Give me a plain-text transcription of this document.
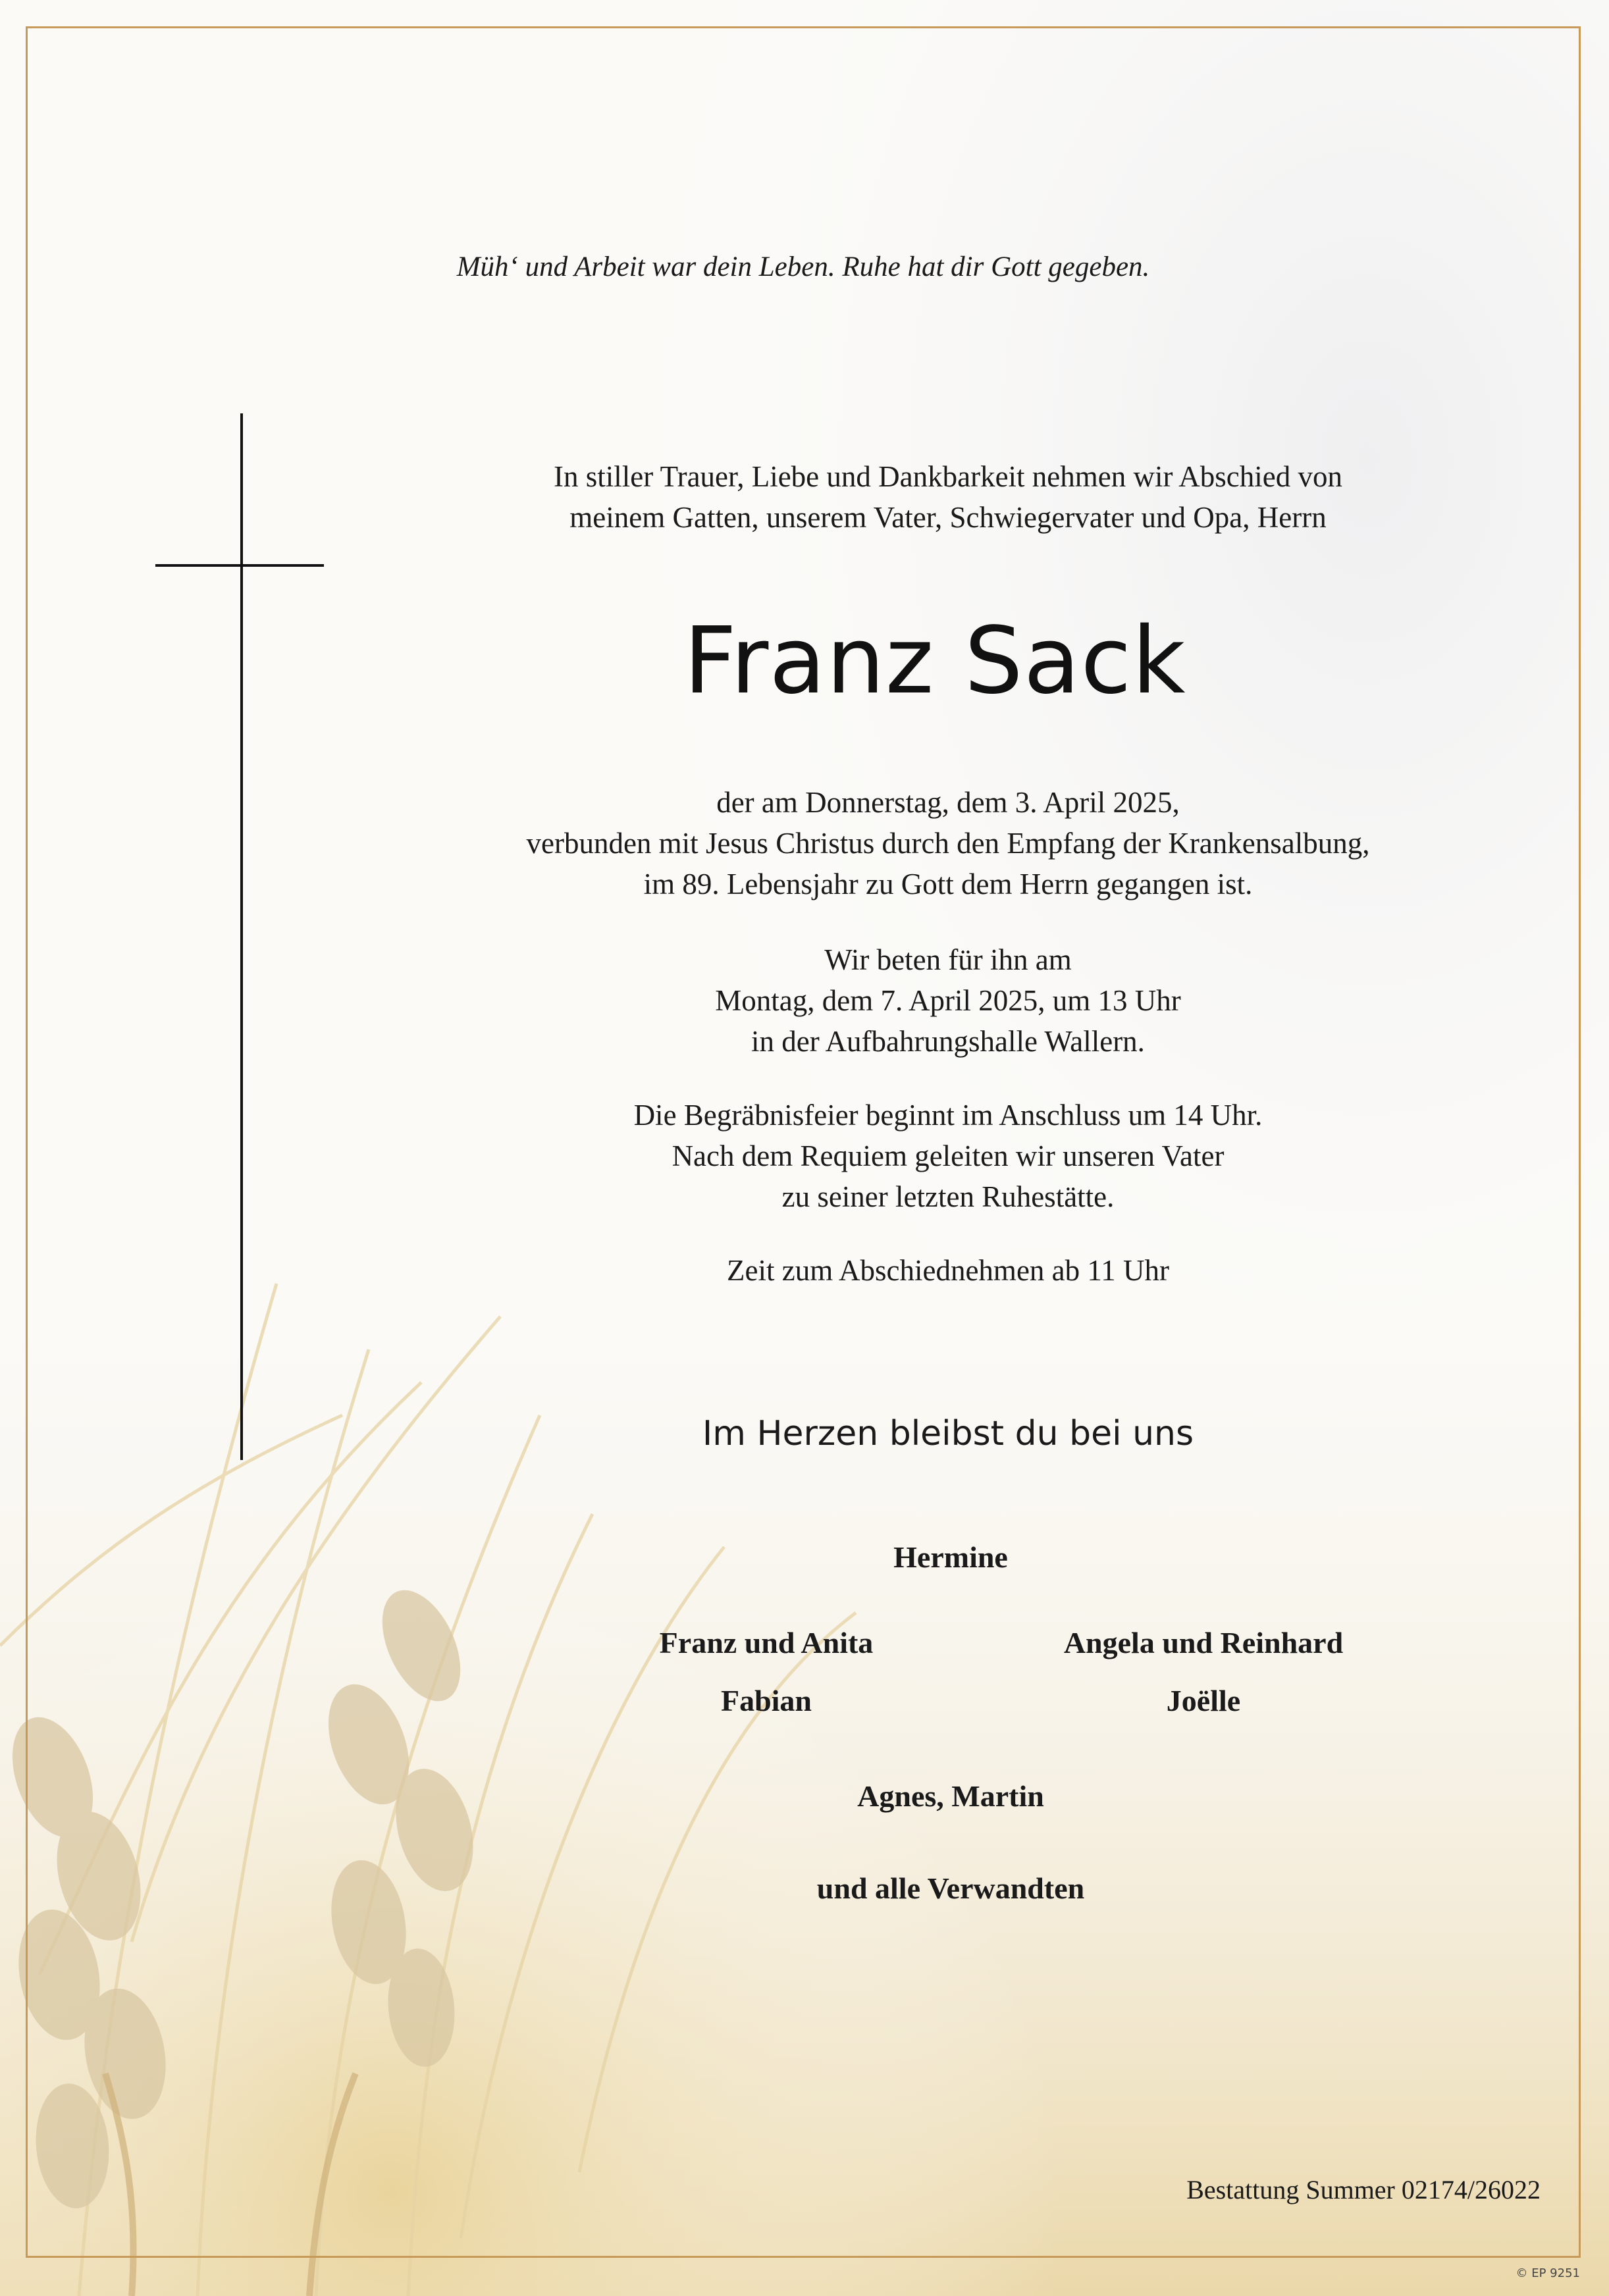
Müh‘ und Arbeit war dein Leben. Ruhe hat dir Gott gegeben.
In stiller Trauer, Liebe und Dankbarkeit nehmen wir Abschied von
meinem Gatten, unserem Vater, Schwiegervater und Opa, Herrn
Franz Sack
der am Donnerstag, dem 3. April 2025,
verbunden mit Jesus Christus durch den Empfang der Krankensalbung,
im 89. Lebensjahr zu Gott dem Herrn gegangen ist.
Wir beten für ihn am
Montag, dem 7. April 2025, um 13 Uhr
in der Aufbahrungshalle Wallern.
Die Begräbnisfeier beginnt im Anschluss um 14 Uhr.
Nach dem Requiem geleiten wir unseren Vater
zu seiner letzten Ruhestätte.
Zeit zum Abschiednehmen ab 11 Uhr
Im Herzen bleibst du bei uns
Hermine
Franz und Anita	Angela und Reinhard
Fabian	Joëlle
Agnes, Martin
und alle Verwandten
Bestattung Summer 02174/26022
© EP 9251
